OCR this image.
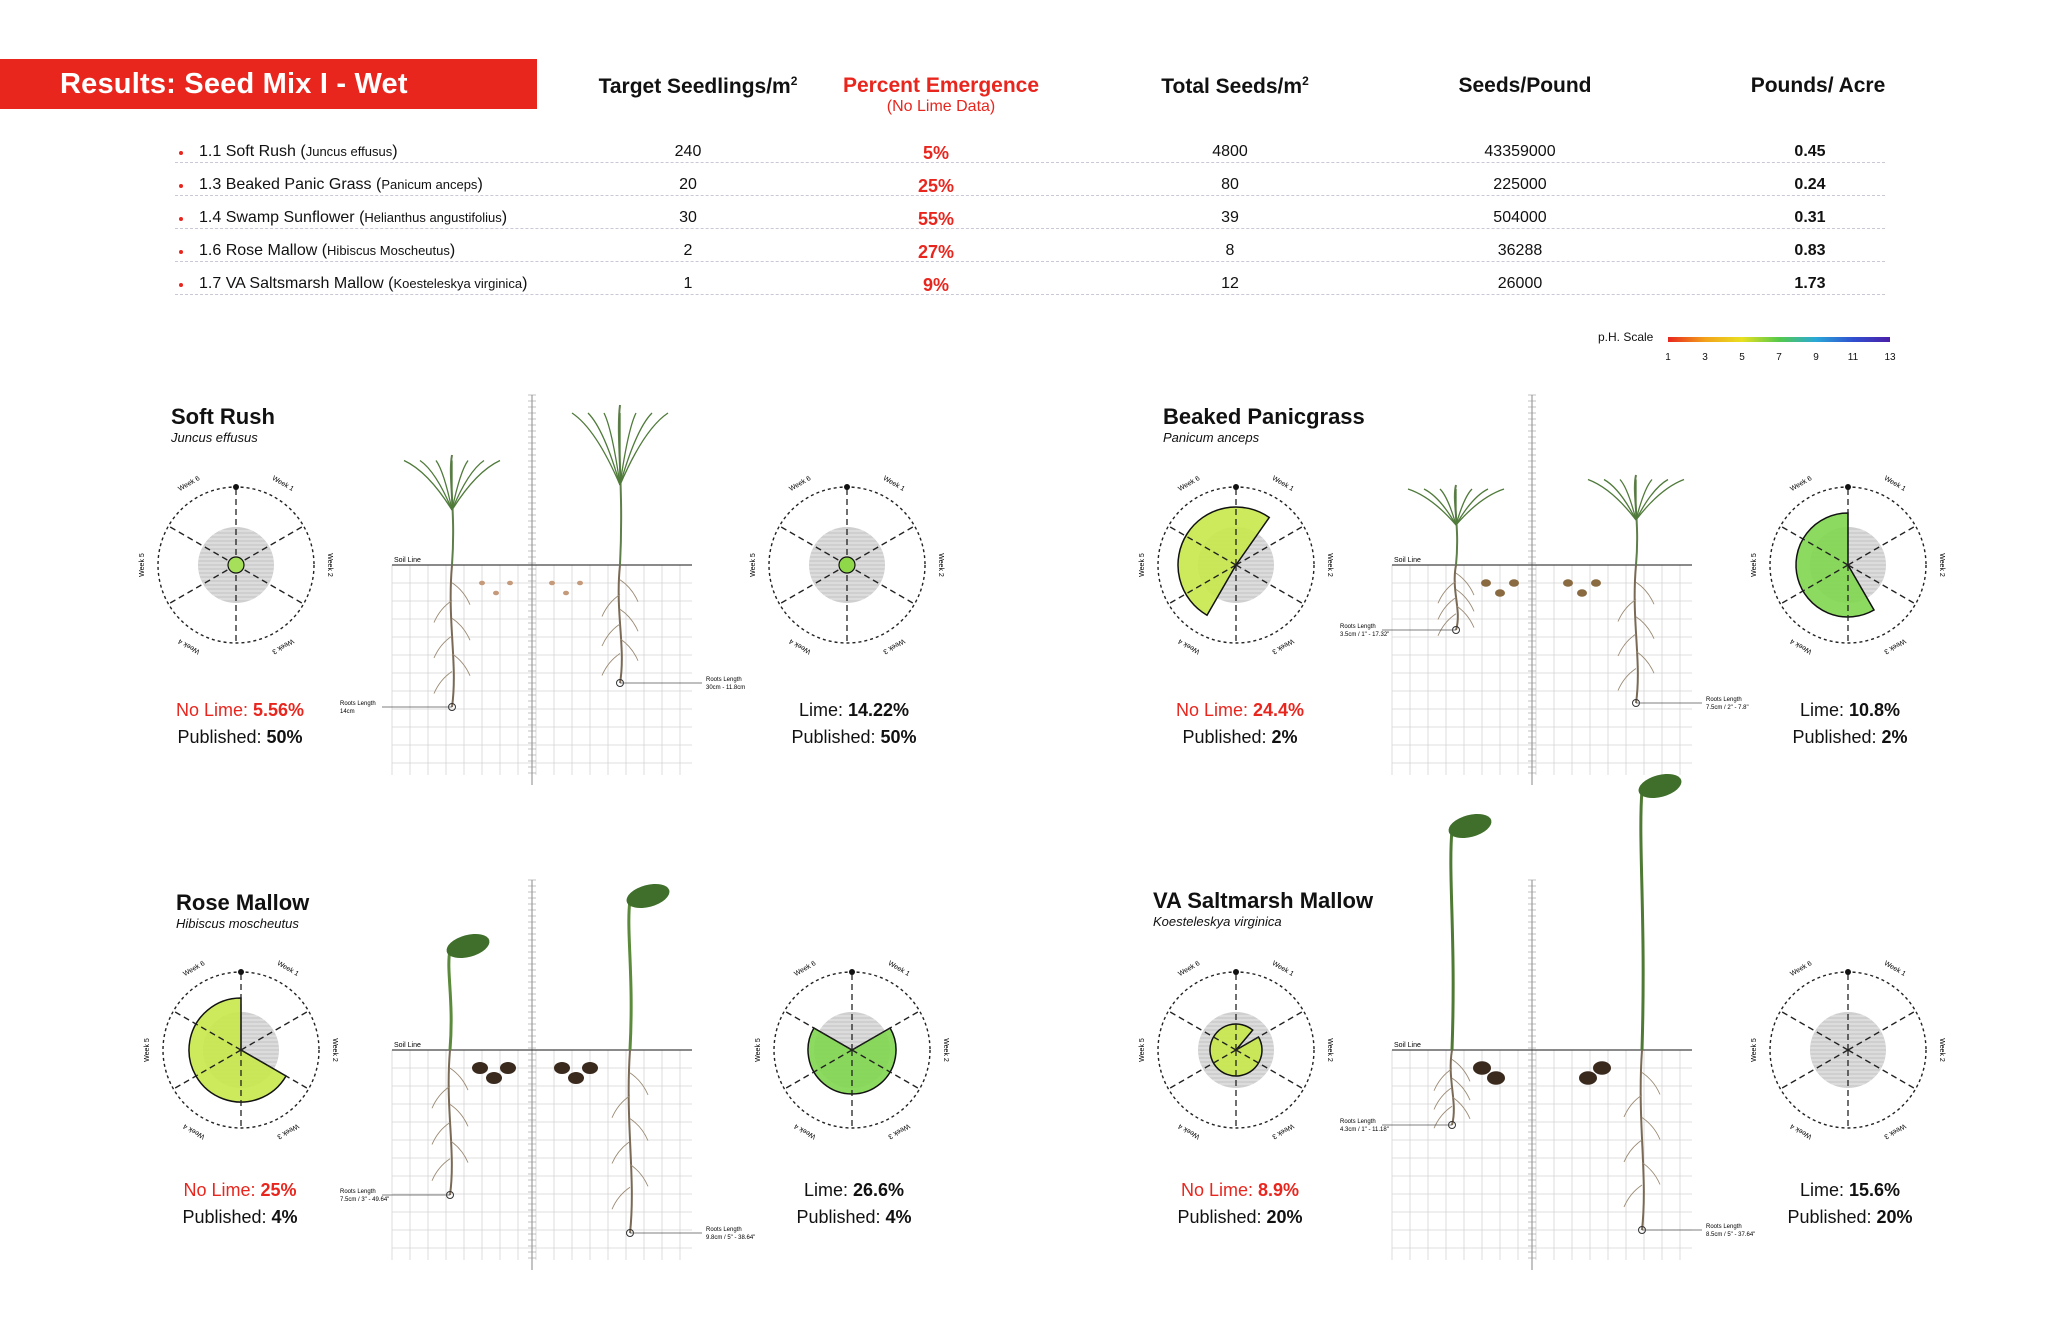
Results: Seed Mix I - Wet Specialists
Target Seedlings/$m^2$ Percent Emergence
(No Lime Data)
Total Seeds/$m^2$	Seeds/Pound	Pounds/ Acre
1.1 Soft Rush (Juncus effusus)	240	5%	4800	43359000	0.45
1.3 Beaked Panic Grass (Panicum anceps)	20	25%	80	225000	0.24
1.4 Swamp Sunflower (Helianthus angustifolius)	30	55%	39	504000	0.31
1.6 Rose Mallow (Hibiscus Moscheutus)	2	27%	8	36288	0.83
1.7 VA Saltsmarsh Mallow (Koesteleskya virginica)	1	9%	12	26000	1.73
p.H. Scale
1	3	5	7	9	11	13
Week 1
Week 2
Week 3
Week 4
Week 5
Week 6	Week 1
Week 2
Week 3
Week 4
Week 5
Week 6
Soil Line
Roots Length
14cm
Roots Length
30cm - 11.8cm
Week 1
Week 2
Week 3
Week 4
Week 5
Week 6	Week 1
Week 2
Week 3
Week 4
Week 5
Week 6
Soil Line
Roots Length
3.5cm / 1" - 17.32"
Roots Length
7.5cm / 2" - 7.8"
Week 1
Week 2
Week 3
Week 4
Week 5
Week 6	Week 1
Week 2
Week 3
Week 4
Week 5
Week 6
Soil Line
Roots Length
7.5cm / 3" - 49.64"
Roots Length
9.8cm / 5" - 38.64"
Week 1
Week 2
Week 3
Week 4
Week 5
Week 6	Week 1
Week 2
Week 3
Week 4
Week 5
Week 6
Soil Line
Roots Length
4.3cm / 1" - 11.18"
Roots Length
8.5cm / 5" - 37.64"
Soft Rush
Juncus effusus
No Lime: 5.56%
Published: 50%
Lime: 14.22%
Published: 50%
Beaked Panicgrass
Panicum anceps
No Lime: 24.4%
Published: 2%
Lime: 10.8%
Published: 2%
Rose Mallow
Hibiscus moscheutus
No Lime: 25%
Published: 4%
Lime: 26.6%
Published: 4%
VA Saltmarsh Mallow
Koesteleskya virginica
No Lime: 8.9%
Published: 20%
Lime: 15.6%
Published: 20%
